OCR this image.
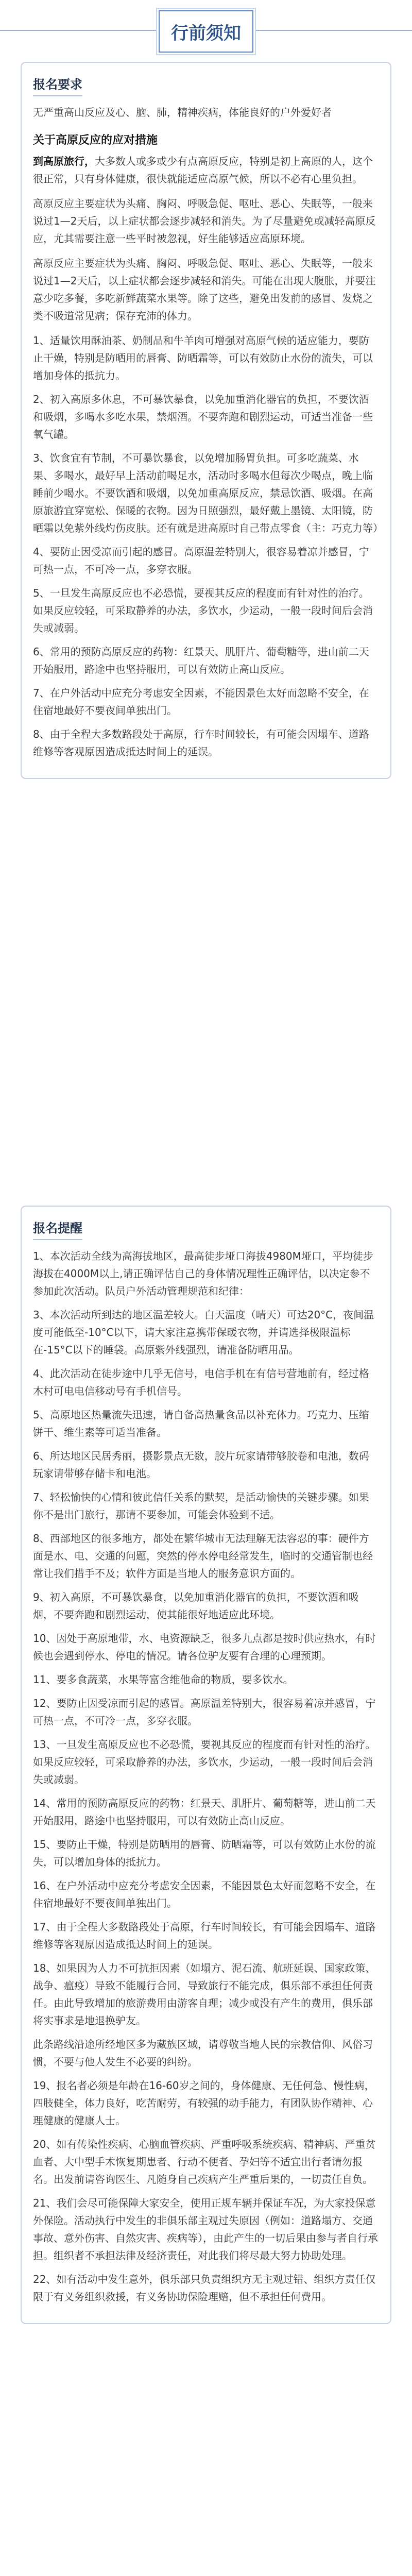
行前须知
报名要求
无严重高山反应及心、脑、肺，精神疾病，体能良好的户外爱好者
关于高原反应的应对措施
到高原旅行，大多数人或多或少有点高原反应，特别是初上高原的人，这个很正常，只有身体健康，很快就能适应高原气候，所以不必有心里负担。
高原反应主要症状为头痛、胸闷、呼吸急促、呕吐、恶心、失眠等，一般来说过1—2天后，以上症状都会逐步减轻和消失。为了尽量避免或减轻高原反应，尤其需要注意一些平时被忽视，好生能够适应高原环境。
高原反应主要症状为头痛、胸闷、呼吸急促、呕吐、恶心、失眠等，一般来说过1—2天后，以上症状都会逐步减轻和消失。可能在出现大腹胀，并要注意少吃多餐，多吃新鲜蔬菜水果等。除了这些，避免出发前的感冒、发烧之类不吸道常见病；保存充沛的体力。
1、适量饮用酥油茶、奶制品和牛羊肉可增强对高原气候的适应能力，要防止干燥，特别是防晒用的唇膏、防晒霜等，可以有效防止水份的流失，可以增加身体的抵抗力。
2、初入高原多休息，不可暴饮暴食，以免加重消化器官的负担，不要饮酒和吸烟，多喝水多吃水果，禁烟酒。不要奔跑和剧烈运动，可适当准备一些氧气罐。
3、饮食宜有节制，不可暴饮暴食，以免增加肠胃负担。可多吃蔬菜、水果、多喝水，最好早上活动前喝足水，活动时多喝水但每次少喝点，晚上临睡前少喝水。不要饮酒和吸烟，以免加重高原反应，禁忌饮酒、吸烟。在高原旅游宜穿宽松、保暖的衣物。因为日照强烈，最好戴上墨镜、太阳镜，防晒霜以免紫外线灼伤皮肤。还有就是进高原时自己带点零食（主：巧克力等）
4、要防止因受凉而引起的感冒。高原温差特别大，很容易着凉并感冒，宁可热一点，不可冷一点，多穿衣服。
5、一旦发生高原反应也不必恐慌，要视其反应的程度而有针对性的治疗。如果反应较轻，可采取静养的办法，多饮水，少运动，一般一段时间后会消失或减弱。
6、常用的预防高原反应的药物：红景天、肌肝片、葡萄糖等，进山前二天开始服用，路途中也坚持服用，可以有效防止高山反应。
7、在户外活动中应充分考虑安全因素，不能因景色太好而忽略不安全，在住宿地最好不要夜间单独出门。
8、由于全程大多数路段处于高原，行车时间较长，有可能会因塌车、道路维修等客观原因造成抵达时间上的延误。
报名提醒
1、本次活动全线为高海拔地区，最高徒步垭口海拔4980M垭口，平均徒步海拔在4000M以上,请正确评估自己的身体情况理性正确评估，以决定参不参加此次活动。队员户外活动管理规范和纪律：
3、本次活动所到达的地区温差较大。白天温度（晴天）可达20°C，夜间温度可能低至-10°C以下，请大家注意携带保暖衣物，并请选择极限温标在-15°C以下的睡袋。高原紫外线强烈，请准备防晒用品。
4、此次活动在徒步途中几乎无信号，电信手机在有信号营地前有，经过格木村可电电信移动号有手机信号。
5、高原地区热量流失迅速，请自备高热量食品以补充体力。巧克力、压缩饼干、维生素等可适当准备。
6、所达地区民居秀丽，摄影景点无数，胶片玩家请带够胶卷和电池，数码玩家请带够存储卡和电池。
7、轻松愉快的心情和彼此信任关系的默契，是活动愉快的关键步骤。如果你不是出门旅行，那请不要参加，可能会体验到不适。
8、西部地区的很多地方，都处在繁华城市无法理解无法容忍的事：硬件方面是水、电、交通的问题，突然的停水停电经常发生，临时的交通管制也经常让我们措手不及；软件方面是当地人的服务意识方面的。
9、初入高原，不可暴饮暴食，以免加重消化器官的负担，不要饮酒和吸烟，不要奔跑和剧烈运动，使其能很好地适应此环境。
10、因处于高原地带，水、电资源缺乏，很多九点都是按时供应热水，有时候也会遇到停水、停电的情况。请各位驴友要有合理的心理预期。
11、要多食蔬菜，水果等富含维他命的物质，要多饮水。
12、要防止因受凉而引起的感冒。高原温差特别大，很容易着凉并感冒，宁可热一点，不可冷一点，多穿衣服。
13、一旦发生高原反应也不必恐慌，要视其反应的程度而有针对性的治疗。如果反应较轻，可采取静养的办法，多饮水，少运动，一般一段时间后会消失或减弱。
14、常用的预防高原反应的药物：红景天、肌肝片、葡萄糖等，进山前二天开始服用，路途中也坚持服用，可以有效防止高山反应。
15、要防止干燥，特别是防晒用的唇膏、防晒霜等，可以有效防止水份的流失，可以增加身体的抵抗力。
16、在户外活动中应充分考虑安全因素，不能因景色太好而忽略不安全，在住宿地最好不要夜间单独出门。
17、由于全程大多数路段处于高原，行车时间较长，有可能会因塌车、道路维修等客观原因造成抵达时间上的延误。
18、如果因为人力不可抗拒因素（如塌方、泥石流、航班延误、国家政策、战争、瘟疫）导致不能履行合同，导致旅行不能完成，俱乐部不承担任何责任。由此导致增加的旅游费用由游客自理；减少或没有产生的费用，俱乐部将实事求是地退换驴友。
此条路线沿途所经地区多为藏族区域，请尊敬当地人民的宗教信仰、风俗习惯，不要与他人发生不必要的纠纷。
19、报名者必须是年龄在16-60岁之间的，身体健康、无任何急、慢性病，四肢健全，体力良好，吃苦耐劳，有较强的动手能力，有团队协作精神、心理健康的健康人士。
20、如有传染性疾病、心脑血管疾病、严重呼吸系统疾病、精神病、严重贫血者、大中型手术恢复期患者、行动不便者、孕妇等不适宜出行者请勿报名。出发前请咨询医生、凡随身自己疾病产生严重后果的，一切责任自负。
21、我们会尽可能保障大家安全，使用正规车辆并保证车况，为大家投保意外保险。活动执行中发生的非俱乐部主观过失原因（例如：道路塌方、交通事故、意外伤害、自然灾害、疾病等），由此产生的一切后果由参与者自行承担。组织者不承担法律及经济责任，对此我们将尽最大努力协助处理。
22、如有活动中发生意外，俱乐部只负责组织方无主观过错、组织方责任仅限于有义务组织救援，有义务协助保险理赔，但不承担任何费用。
